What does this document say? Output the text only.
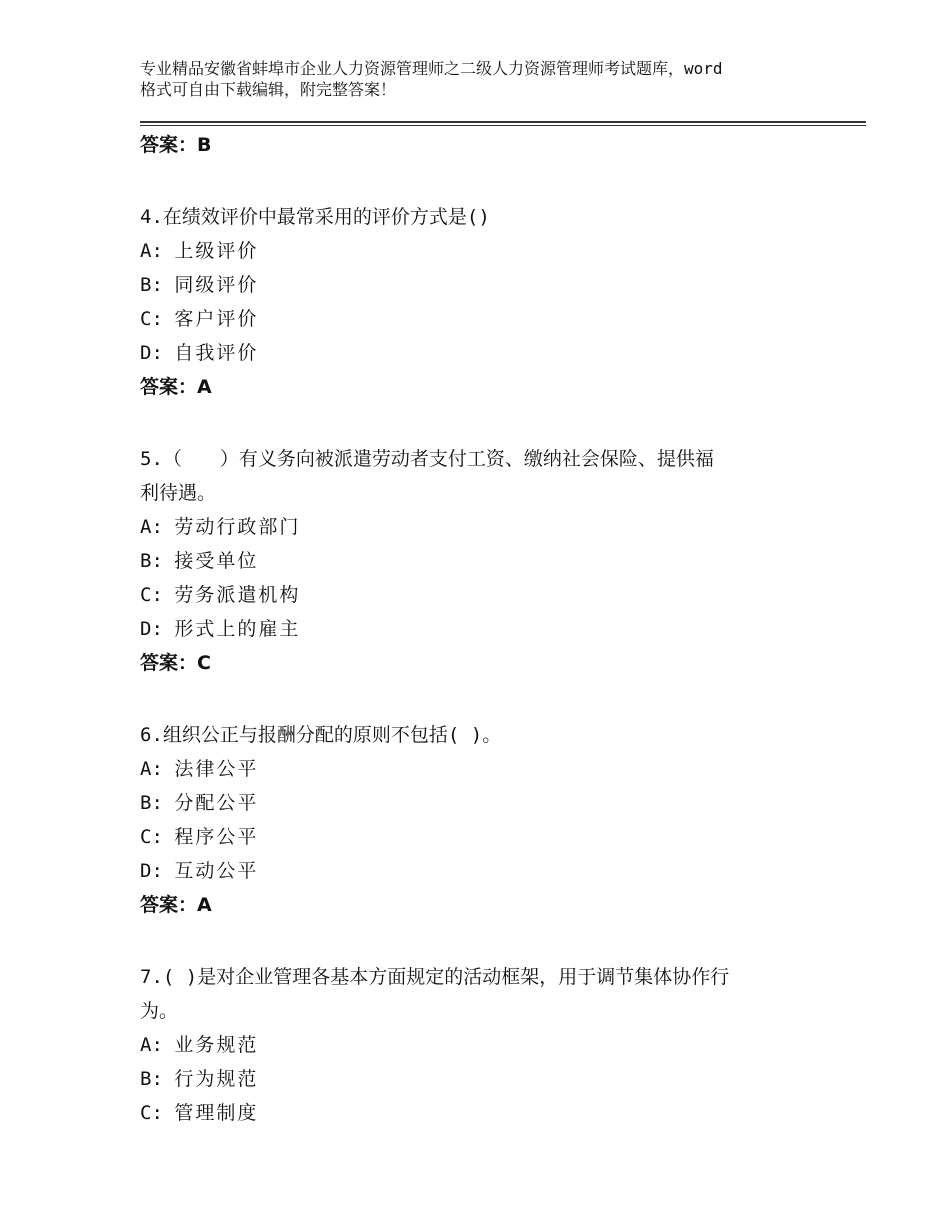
专业精品安徽省蚌埠市企业人力资源管理师之二级人力资源管理师考试题库，word
格式可自由下载编辑，附完整答案！
答案：B
4.在绩效评价中最常采用的评价方式是()
A: 上级评价
B: 同级评价
C: 客户评价
D: 自我评价
答案：A
5.（　　）有义务向被派遣劳动者支付工资、缴纳社会保险、提供福
利待遇。
A: 劳动行政部门
B: 接受单位
C: 劳务派遣机构
D: 形式上的雇主
答案：C
6.组织公正与报酬分配的原则不包括( )。
A: 法律公平
B: 分配公平
C: 程序公平
D: 互动公平
答案：A
7.( )是对企业管理各基本方面规定的活动框架，用于调节集体协作行
为。
A: 业务规范
B: 行为规范
C: 管理制度
